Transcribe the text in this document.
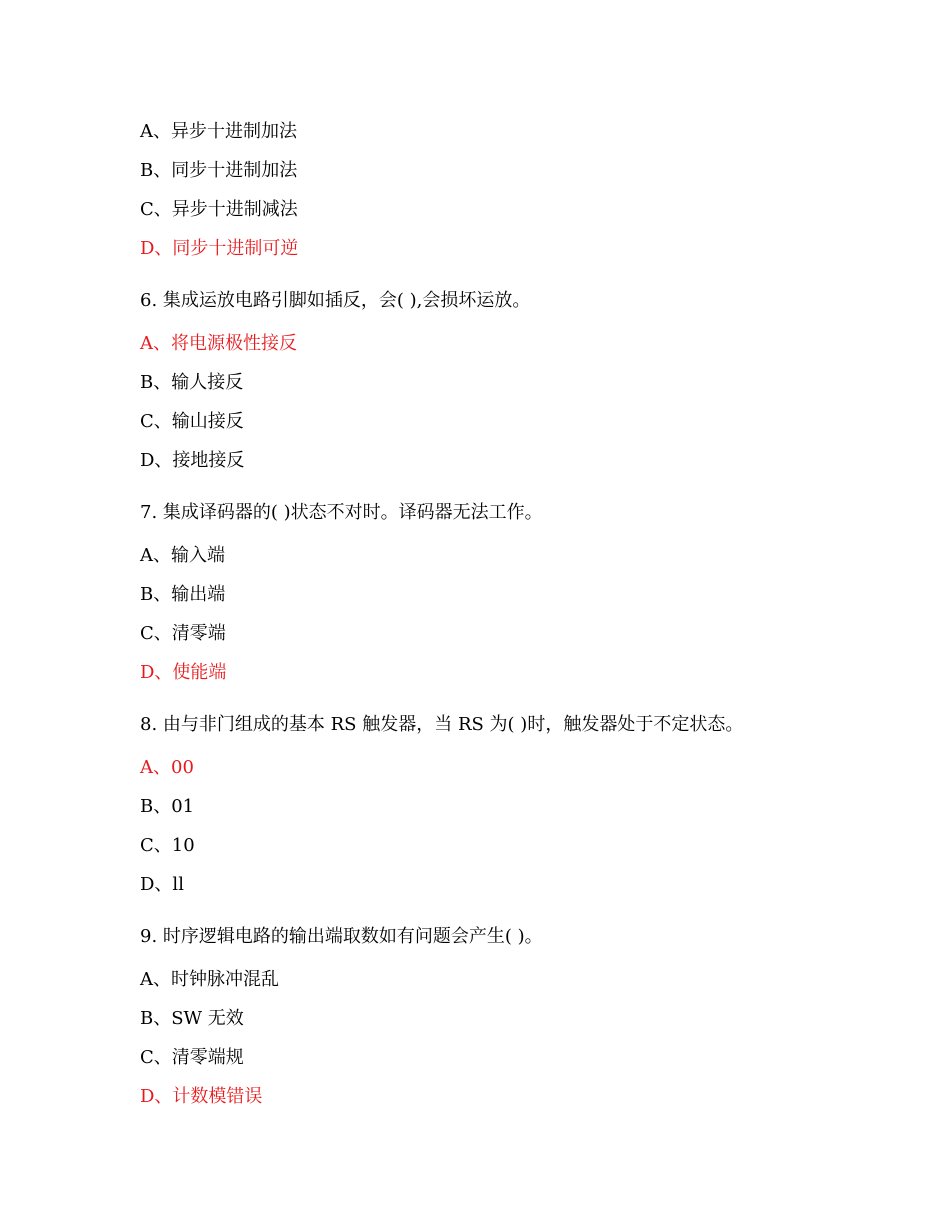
A、异步十进制加法
B、同步十进制加法
C、异步十进制减法
D、同步十进制可逆
6. 集成运放电路引脚如插反，会( ),会损坏运放。
A、将电源极性接反
B、输人接反
C、输山接反
D、接地接反
7. 集成译码器的( )状态不对时。译码器无法工作。
A、输入端
B、输出端
C、清零端
D、使能端
8. 由与非门组成的基本 RS 触发器，当 RS 为( )时，触发器处于不定状态。
A、00
B、01
C、10
D、ll
9. 时序逻辑电路的输出端取数如有问题会产生( )。
A、时钟脉冲混乱
B、SW 无效
C、清零端规
D、计数模错误
